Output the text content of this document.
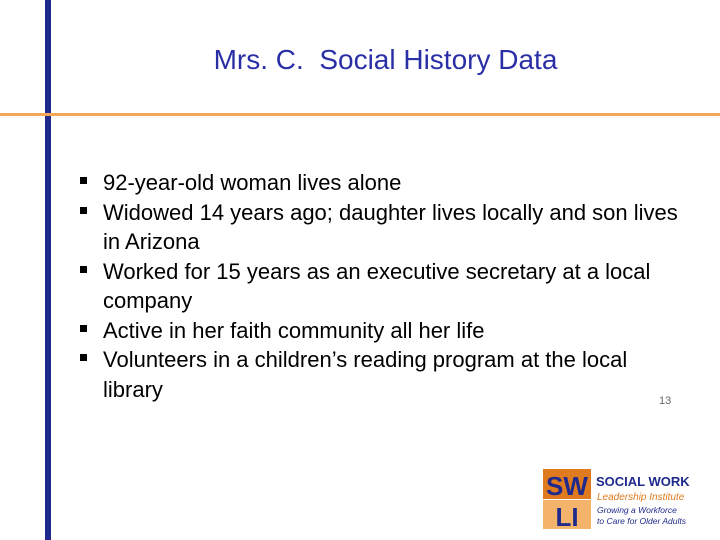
Mrs. C.  Social History Data
92-year-old woman lives alone
Widowed 14 years ago; daughter lives locally and son lives in Arizona
Worked for 15 years as an executive secretary at a local company
Active in her faith community all her life
Volunteers in a children’s reading program at the local library	13
SW
LI
SOCIAL WORK
Leadership Institute
Growing a Workforce
to Care for Older Adults
